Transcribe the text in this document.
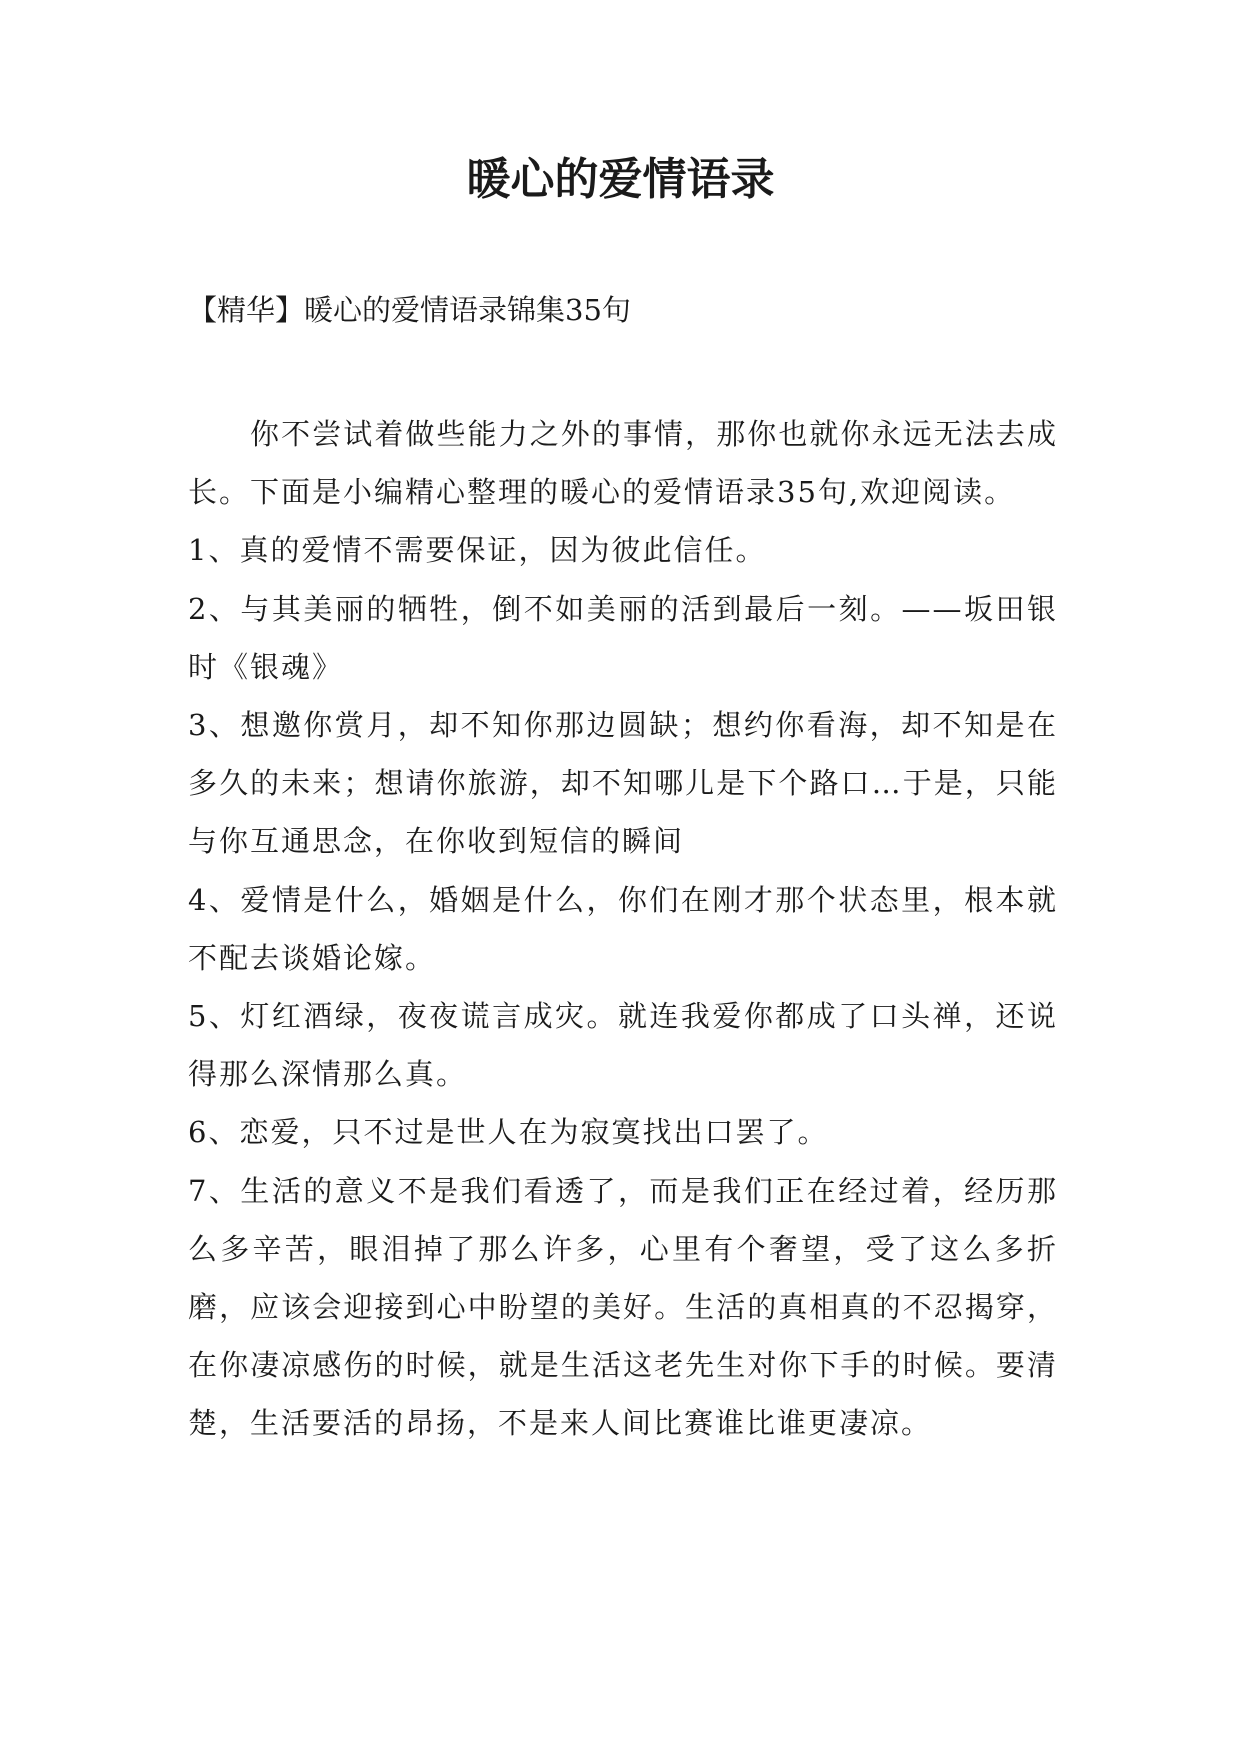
暖心的爱情语录
【精华】暖心的爱情语录锦集35句

你不尝试着做些能力之外的事情，那你也就你永远无法去成长。下面是小编精心整理的暖心的爱情语录35句,欢迎阅读。

1、真的爱情不需要保证，因为彼此信任。

2、与其美丽的牺牲，倒不如美丽的活到最后一刻。——坂田银时《银魂》

3、想邀你赏月，却不知你那边圆缺；想约你看海，却不知是在多久的未来；想请你旅游，却不知哪儿是下个路口…于是，只能与你互通思念，在你收到短信的瞬间

4、爱情是什么，婚姻是什么，你们在刚才那个状态里，根本就不配去谈婚论嫁。

5、灯红酒绿，夜夜谎言成灾。就连我爱你都成了口头禅，还说得那么深情那么真。

6、恋爱，只不过是世人在为寂寞找出口罢了。

7、生活的意义不是我们看透了，而是我们正在经过着，经历那么多辛苦，眼泪掉了那么许多，心里有个奢望，受了这么多折磨，应该会迎接到心中盼望的美好。生活的真相真的不忍揭穿，在你凄凉感伤的时候，就是生活这老先生对你下手的时候。要清楚，生活要活的昂扬，不是来人间比赛谁比谁更凄凉。
